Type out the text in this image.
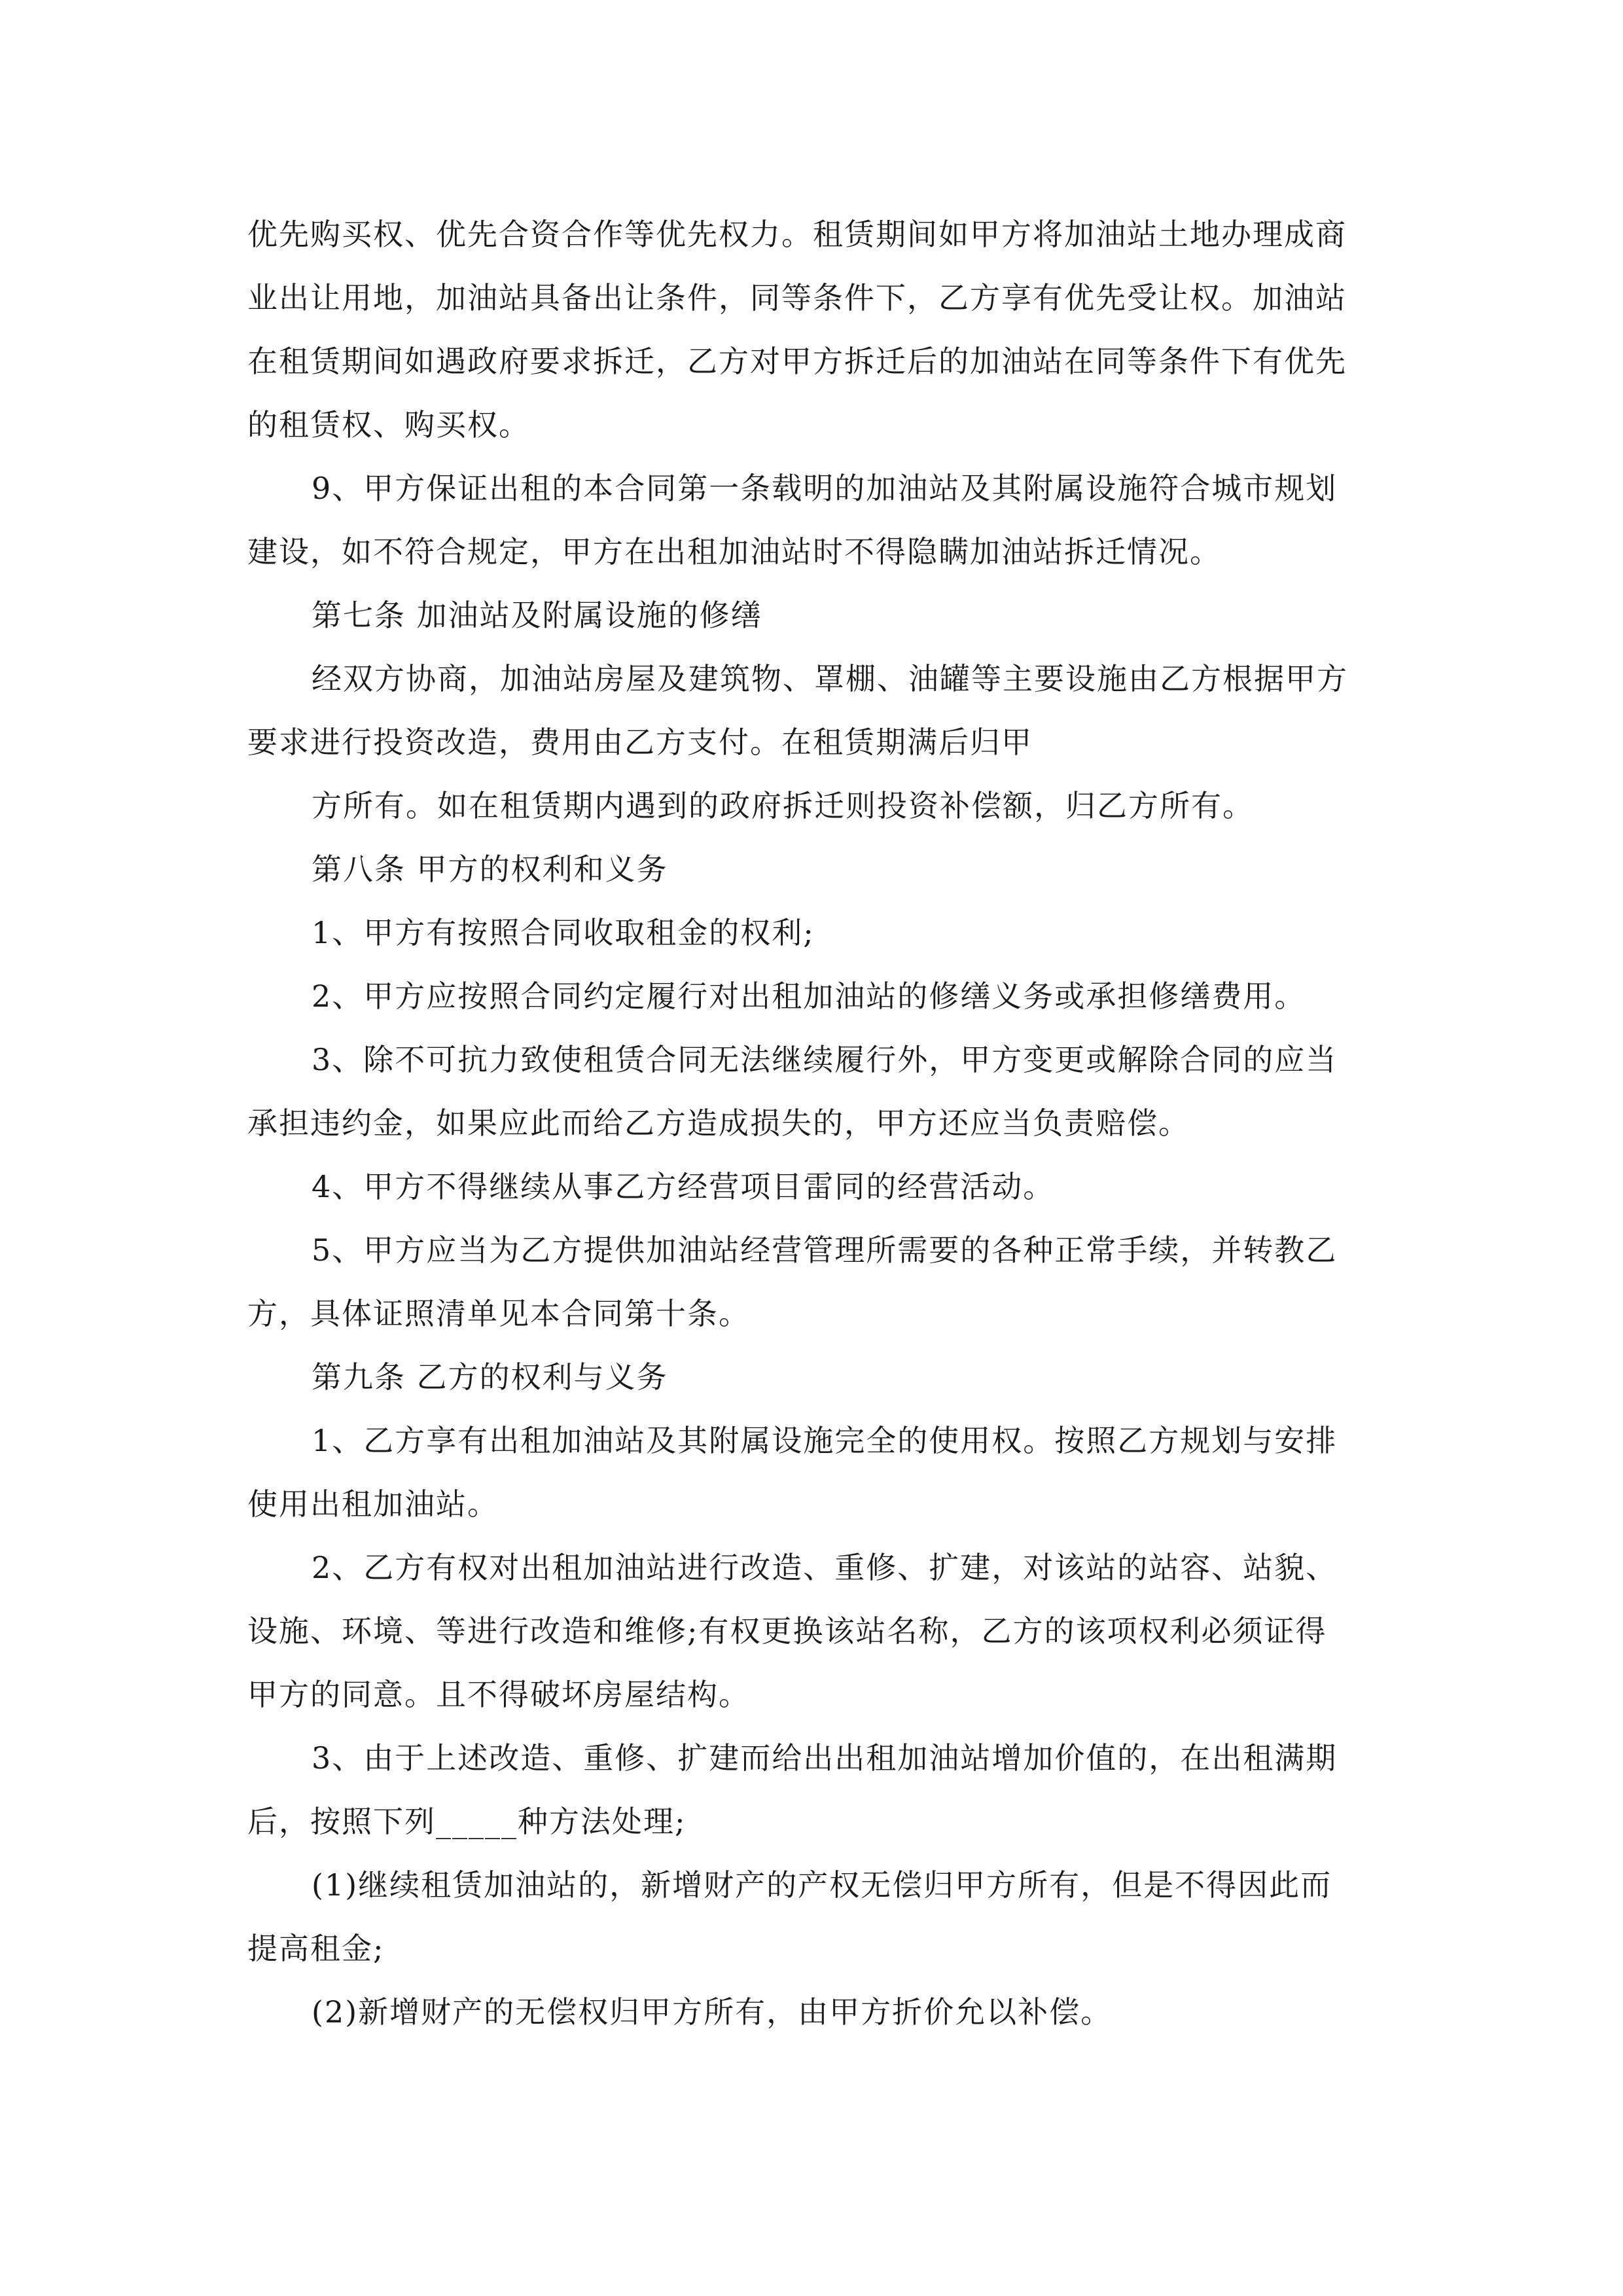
优先购买权、优先合资合作等优先权力。租赁期间如甲方将加油站土地办理成商
业出让用地，加油站具备出让条件，同等条件下，乙方享有优先受让权。加油站
在租赁期间如遇政府要求拆迁，乙方对甲方拆迁后的加油站在同等条件下有优先
的租赁权、购买权。
9、甲方保证出租的本合同第一条载明的加油站及其附属设施符合城市规划
建设，如不符合规定，甲方在出租加油站时不得隐瞒加油站拆迁情况。
第七条 加油站及附属设施的修缮
经双方协商，加油站房屋及建筑物、罩棚、油罐等主要设施由乙方根据甲方
要求进行投资改造，费用由乙方支付。在租赁期满后归甲
方所有。如在租赁期内遇到的政府拆迁则投资补偿额，归乙方所有。
第八条 甲方的权利和义务
1、甲方有按照合同收取租金的权利;
2、甲方应按照合同约定履行对出租加油站的修缮义务或承担修缮费用。
3、除不可抗力致使租赁合同无法继续履行外，甲方变更或解除合同的应当
承担违约金，如果应此而给乙方造成损失的，甲方还应当负责赔偿。
4、甲方不得继续从事乙方经营项目雷同的经营活动。
5、甲方应当为乙方提供加油站经营管理所需要的各种正常手续，并转教乙
方，具体证照清单见本合同第十条。
第九条 乙方的权利与义务
1、乙方享有出租加油站及其附属设施完全的使用权。按照乙方规划与安排
使用出租加油站。
2、乙方有权对出租加油站进行改造、重修、扩建，对该站的站容、站貌、
设施、环境、等进行改造和维修;有权更换该站名称，乙方的该项权利必须证得
甲方的同意。且不得破坏房屋结构。
3、由于上述改造、重修、扩建而给出出租加油站增加价值的，在出租满期
后，按照下列_____种方法处理;
(1)继续租赁加油站的，新增财产的产权无偿归甲方所有，但是不得因此而
提高租金;
(2)新增财产的无偿权归甲方所有，由甲方折价允以补偿。
